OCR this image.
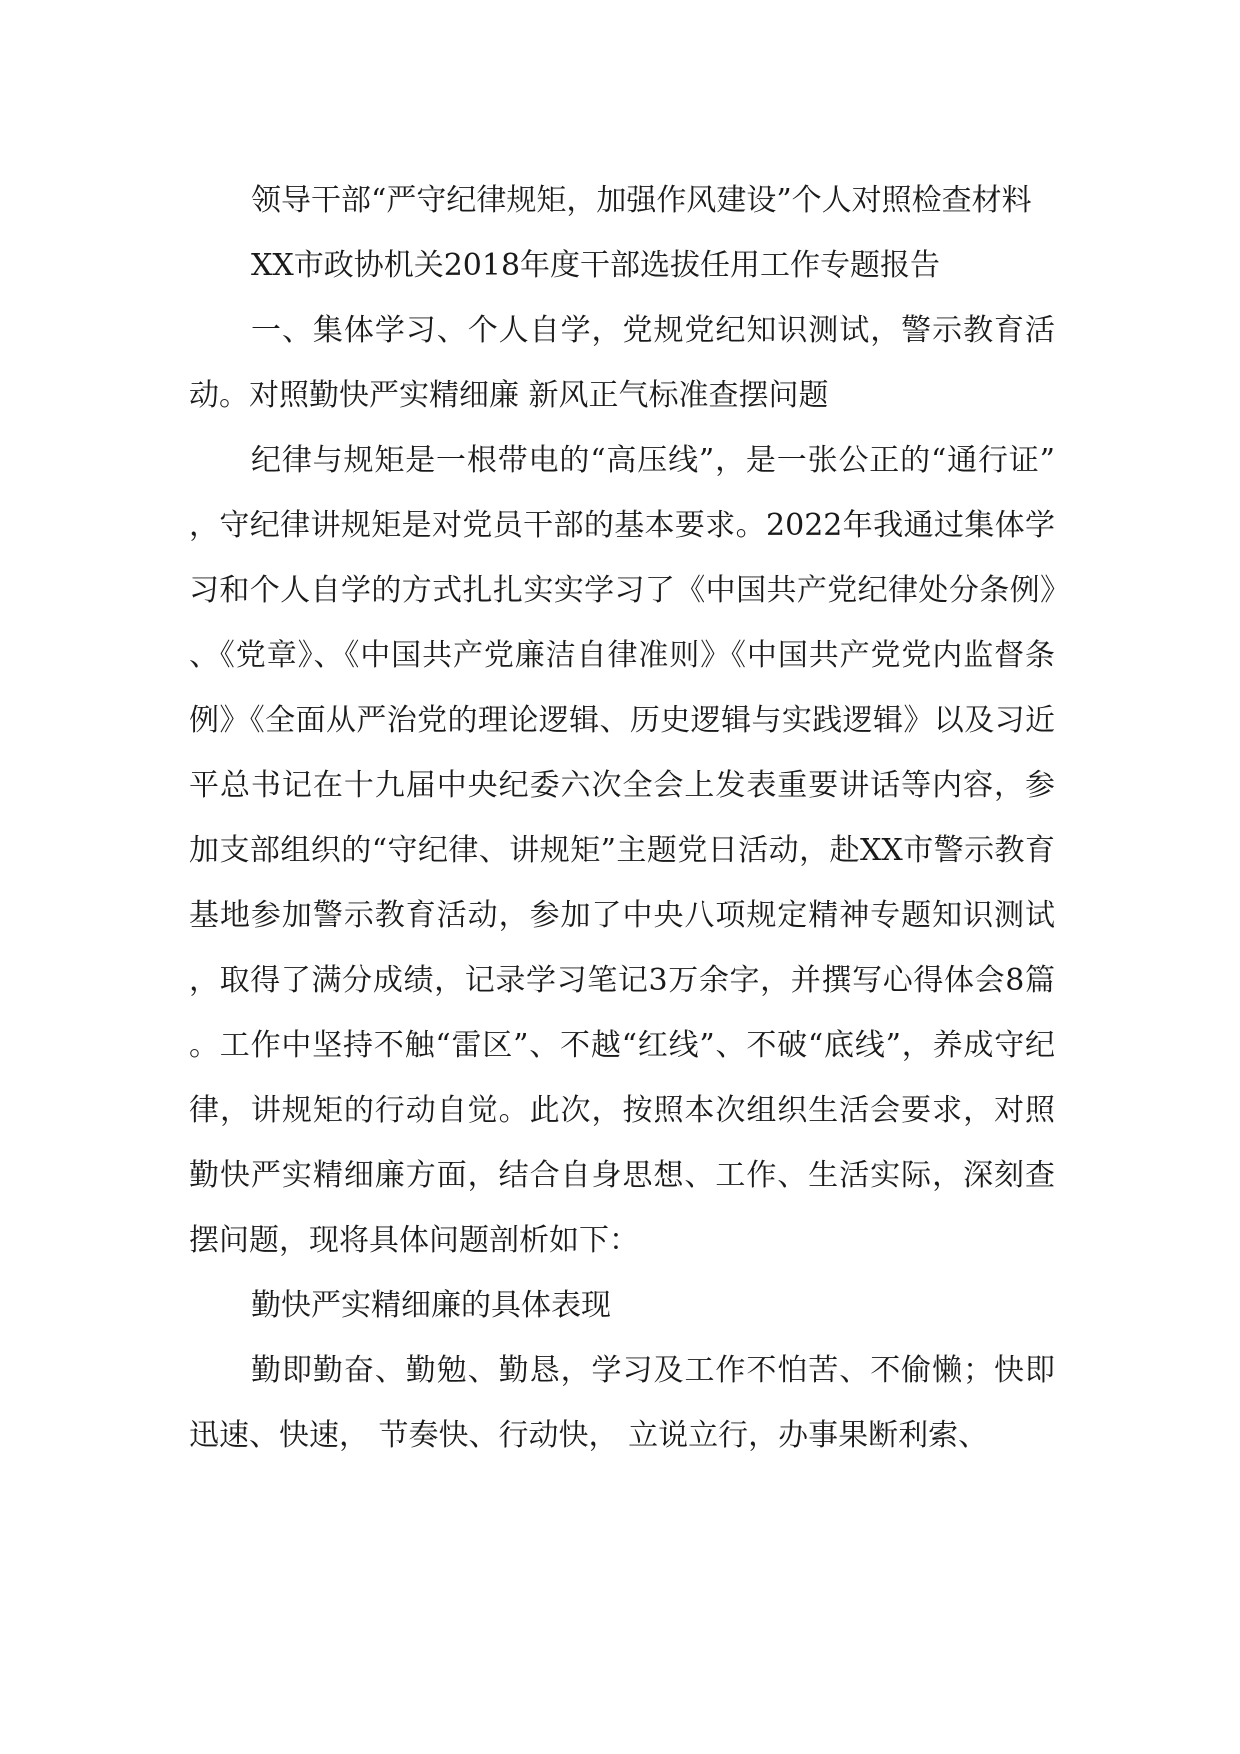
领导干部“严守纪律规矩，加强作风建设”个人对照检查材料

XX市政协机关2018年度干部选拔任用工作专题报告

一、集体学习、个人自学，党规党纪知识测试，警示教育活动。对照勤快严实精细廉 新风正气标准查摆问题

纪律与规矩是一根带电的“高压线”，是一张公正的“通行证”，守纪律讲规矩是对党员干部的基本要求。2022年我通过集体学习和个人自学的方式扎扎实实学习了《中国共产党纪律处分条例》、《党章》、《中国共产党廉洁自律准则》《中国共产党党内监督条例》《全面从严治党的理论逻辑、历史逻辑与实践逻辑》以及习近平总书记在十九届中央纪委六次全会上发表重要讲话等内容，参加支部组织的“守纪律、讲规矩”主题党日活动，赴XX市警示教育基地参加警示教育活动，参加了中央八项规定精神专题知识测试，取得了满分成绩，记录学习笔记3万余字，并撰写心得体会8篇。工作中坚持不触“雷区”、不越“红线”、不破“底线”，养成守纪律，讲规矩的行动自觉。此次，按照本次组织生活会要求，对照勤快严实精细廉方面，结合自身思想、工作、生活实际，深刻查摆问题，现将具体问题剖析如下：

勤快严实精细廉的具体表现

勤即勤奋、勤勉、勤恳，学习及工作不怕苦、不偷懒；快即迅速、快速， 节奏快、行动快， 立说立行，办事果断利索、
